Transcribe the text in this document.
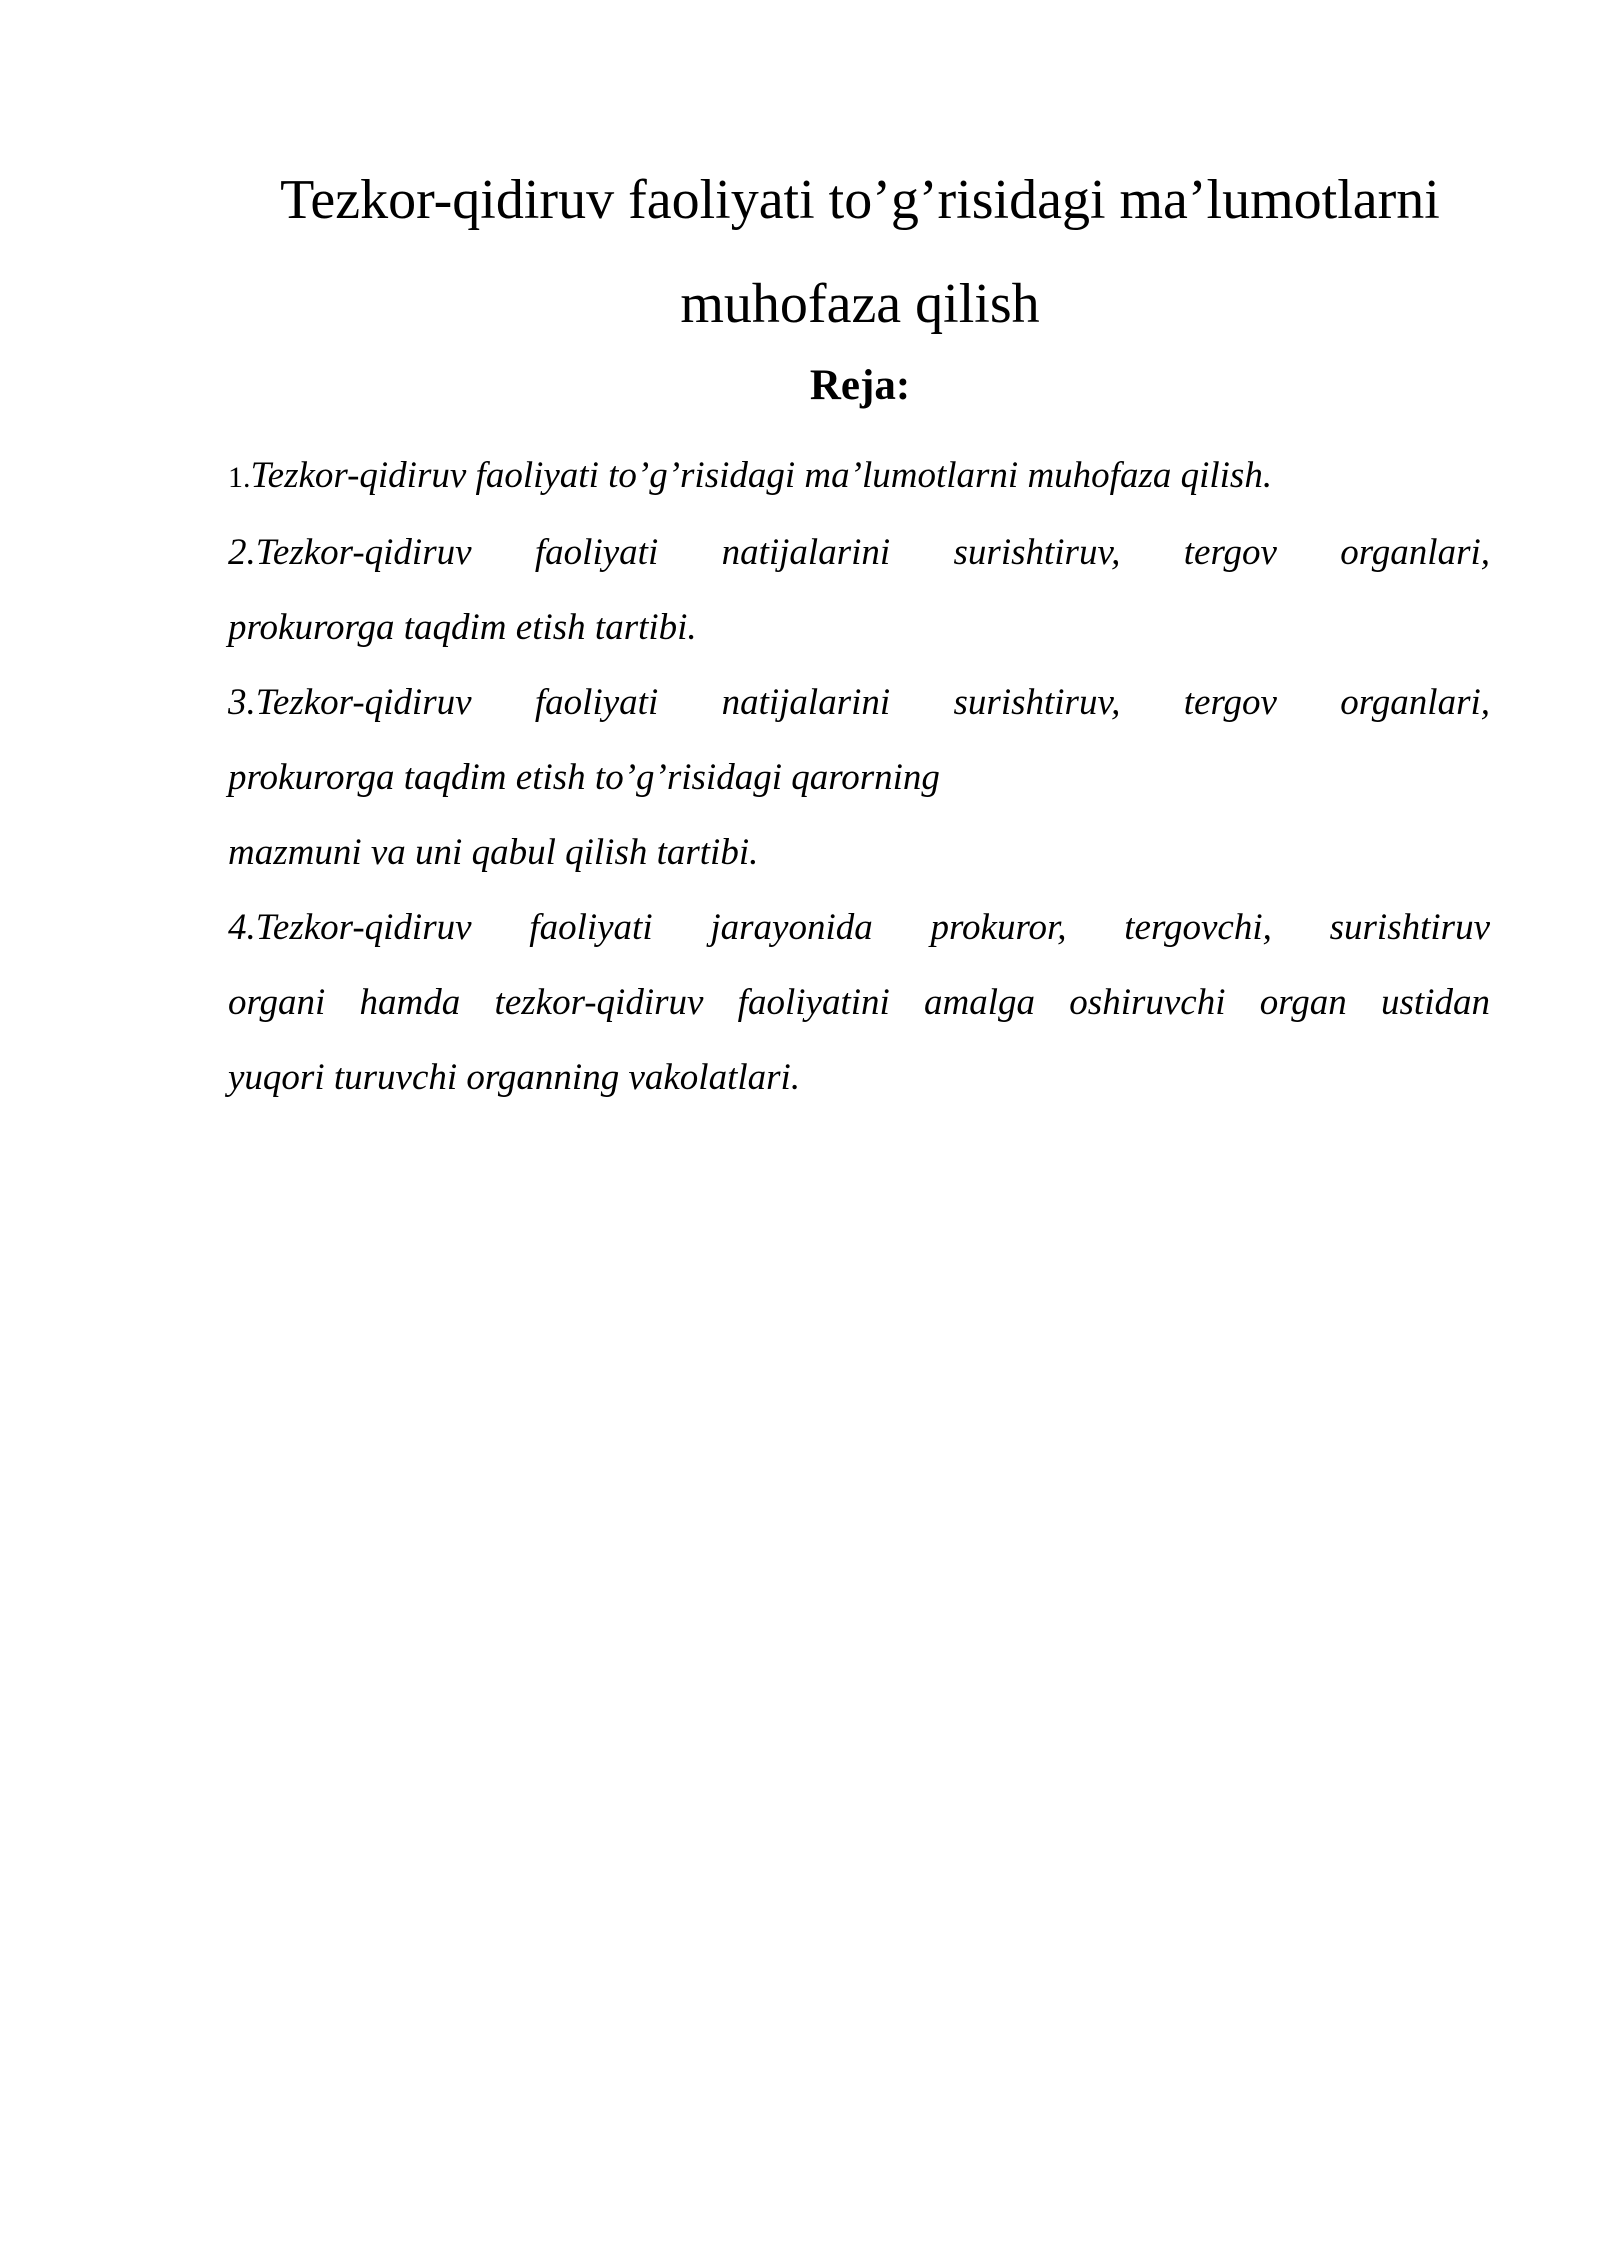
Tezkor-qidiruv faoliyati to’g’risidagi ma’lumotlarni
muhofaza qilish
Reja:
1.Tezkor-qidiruv faoliyati to’g’risidagi ma’lumotlarni muhofaza qilish.
2.Tezkor-qidiruv faoliyati natijalarini surishtiruv, tergov organlari,
prokurorga taqdim etish tartibi.
3.Tezkor-qidiruv faoliyati natijalarini surishtiruv, tergov organlari,
prokurorga taqdim etish to’g’risidagi qarorning
mazmuni va uni qabul qilish tartibi.
4.Tezkor-qidiruv faoliyati jarayonida prokuror, tergovchi, surishtiruv
organi hamda tezkor-qidiruv faoliyatini amalga oshiruvchi organ ustidan
yuqori turuvchi organning vakolatlari.
